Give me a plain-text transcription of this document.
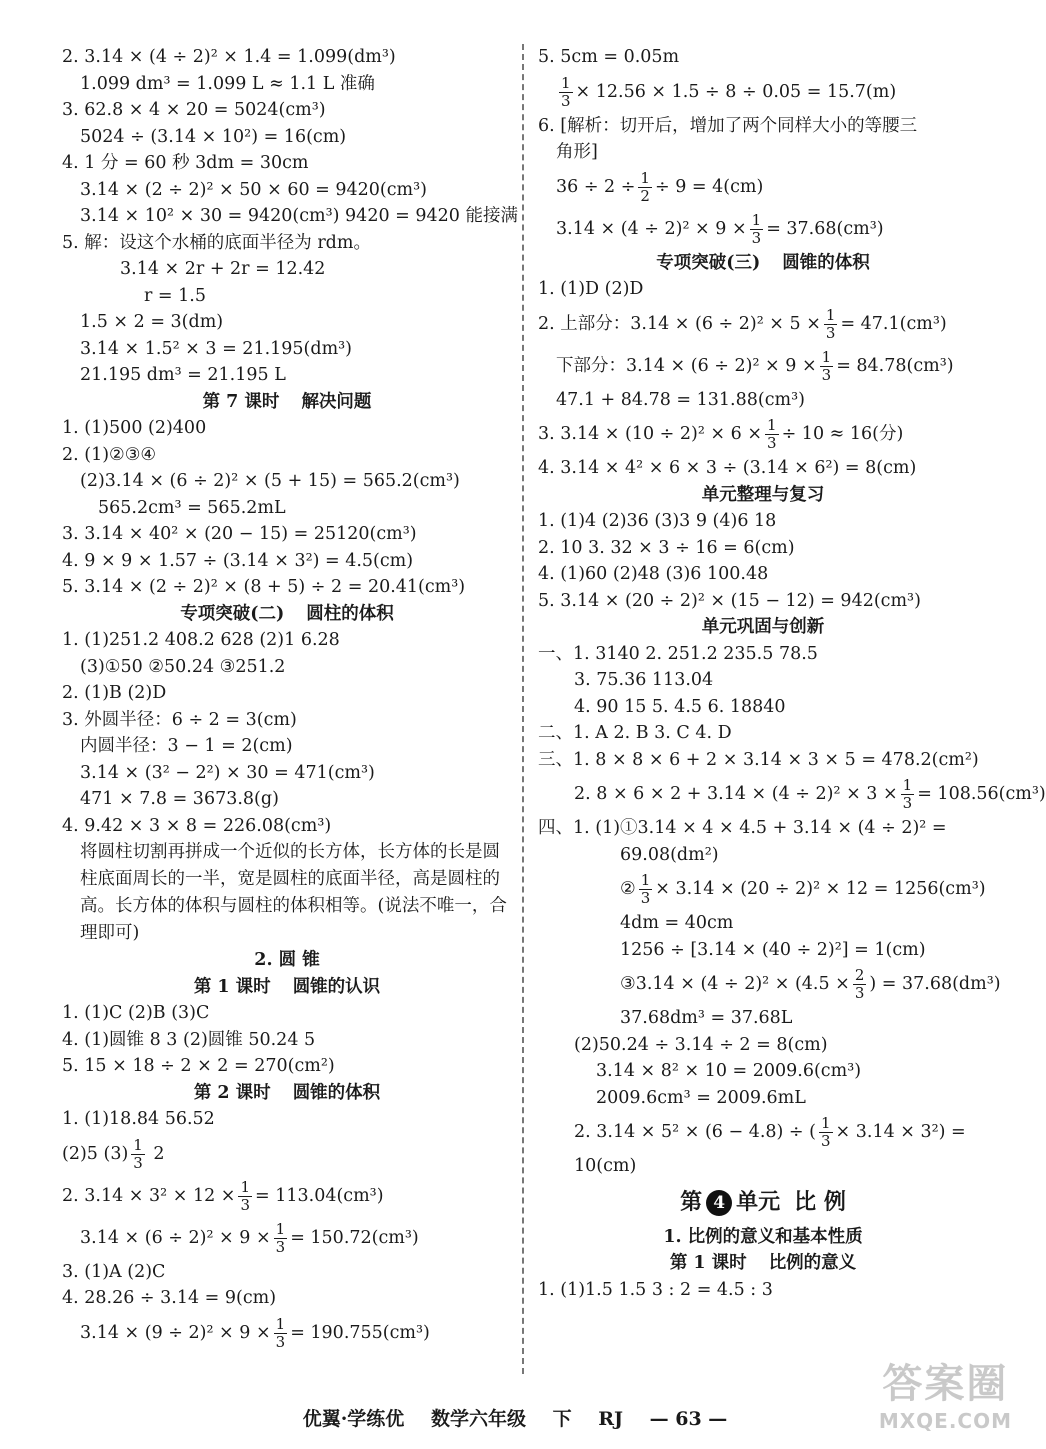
2. 3.14 × (4 ÷ 2)² × 1.4 = 1.099(dm³)
1.099 dm³ = 1.099 L ≈ 1.1 L 准确
3. 62.8 × 4 × 20 = 5024(cm³)
5024 ÷ (3.14 × 10²) = 16(cm)
4. 1 分 = 60 秒 3dm = 30cm
3.14 × (2 ÷ 2)² × 50 × 60 = 9420(cm³)
3.14 × 10² × 30 = 9420(cm³) 9420 = 9420 能接满
5. 解：设这个水桶的底面半径为 rdm。
3.14 × 2r + 2r = 12.42
r = 1.5
1.5 × 2 = 3(dm)
3.14 × 1.5² × 3 = 21.195(dm³)
21.195 dm³ = 21.195 L
第 7 课时 解决问题
1. (1)500 (2)400
2. (1)②③④
(2)3.14 × (6 ÷ 2)² × (5 + 15) = 565.2(cm³)
565.2cm³ = 565.2mL
3. 3.14 × 40² × (20 − 15) = 25120(cm³)
4. 9 × 9 × 1.57 ÷ (3.14 × 3²) = 4.5(cm)
5. 3.14 × (2 ÷ 2)² × (8 + 5) ÷ 2 = 20.41(cm³)
专项突破(二) 圆柱的体积
1. (1)251.2 408.2 628 (2)1 6.28
(3)①50 ②50.24 ③251.2
2. (1)B (2)D
3. 外圆半径：6 ÷ 2 = 3(cm)
内圆半径：3 − 1 = 2(cm)
3.14 × (3² − 2²) × 30 = 471(cm³)
471 × 7.8 = 3673.8(g)
4. 9.42 × 3 × 8 = 226.08(cm³)
将圆柱切割再拼成一个近似的长方体，长方体的长是圆柱底面周长的一半，宽是圆柱的底面半径，高是圆柱的高。长方体的体积与圆柱的体积相等。(说法不唯一，合理即可)
2. 圆 锥
第 1 课时 圆锥的认识
1. (1)C (2)B (3)C
4. (1)圆锥 8 3 (2)圆锥 50.24 5
5. 15 × 18 ÷ 2 × 2 = 270(cm²)
第 2 课时 圆锥的体积
1. (1)18.84 56.52
(2)5 $(3) \frac{1}{3} 2$
2. $3.14 \times 3^2 \times 12 \times \frac{1}{3} = 113.04(cm^3)$
$3.14 \times (6 \div 2)^2 \times 9 \times \frac{1}{3} = 150.72(cm^3)$
3. (1)A (2)C
4. 28.26 ÷ 3.14 = 9(cm)
$3.14 \times (9 \div 2)^2 \times 9 \times \frac{1}{3} = 190.755(cm^3)$
5. 5cm = 0.05m
$\frac{1}{3} \times 12.56 \times 1.5 \div 8 \div 0.05 = 15.7(m)$
6. [解析：切开后，增加了两个同样大小的等腰三
角形]
$36 \div 2 \div \frac{1}{2} \div 9 = 4(cm)$
$3.14 \times (4 \div 2)^2 \times 9 \times \frac{1}{3} = 37.68(cm^3)$
专项突破(三) 圆锥的体积
1. (1)D (2)D
2. 上部分：$3.14 \times (6 \div 2)^2 \times 5 \times \frac{1}{3} = 47.1(cm^3)$
下部分：$3.14 \times (6 \div 2)^2 \times 9 \times \frac{1}{3} = 84.78(cm^3)$
47.1 + 84.78 = 131.88(cm³)
3. $3.14 \times (10 \div 2)^2 \times 6 \times \frac{1}{3} \div 10 \approx 16$(分)
4. 3.14 × 4² × 6 × 3 ÷ (3.14 × 6²) = 8(cm)
单元整理与复习
1. (1)4 (2)36 (3)3 9 (4)6 18
2. 10 3. 32 × 3 ÷ 16 = 6(cm)
4. (1)60 (2)48 (3)6 100.48
5. 3.14 × (20 ÷ 2)² × (15 − 12) = 942(cm³)
单元巩固与创新
一、1. 3140 2. 251.2 235.5 78.5
3. 75.36 113.04
4. 90 15 5. 4.5 6. 18840
二、1. A 2. B 3. C 4. D
三、1. 8 × 8 × 6 + 2 × 3.14 × 3 × 5 = 478.2(cm²)
2. $8 \times 6 \times 2 + 3.14 \times (4 \div 2)^2 \times 3 \times \frac{1}{3} = 108.56(cm^3)$
四、1. (1)①3.14 × 4 × 4.5 + 3.14 × (4 ÷ 2)² =
69.08(dm²)
② $\frac{1}{3} \times 3.14 \times (20 \div 2)^2 \times 12 = 1256(cm^3)$
4dm = 40cm
1256 ÷ [3.14 × (40 ÷ 2)²] = 1(cm)
③3.14 × $(4 \div 2)^2 \times (4.5 \times \frac{2}{3}$ ) = 37.68(dm³)
37.68dm³ = 37.68L
(2)50.24 ÷ 3.14 ÷ 2 = 8(cm)
3.14 × 8² × 10 = 2009.6(cm³)
2009.6cm³ = 2009.6mL
2. 3.14 × 5² × (6 − 4.8) ÷ ( $\frac{1}{3} \times 3.14 \times 3^2$) =
10(cm)
第 4 单元 比 例
1. 比例的意义和基本性质
第 1 课时 比例的意义
1. (1)1.5 1.5 3 : 2 = 4.5 : 3
优翼·学练优 数学六年级 下 RJ — 63 —
答案圈
MXQE.COM
